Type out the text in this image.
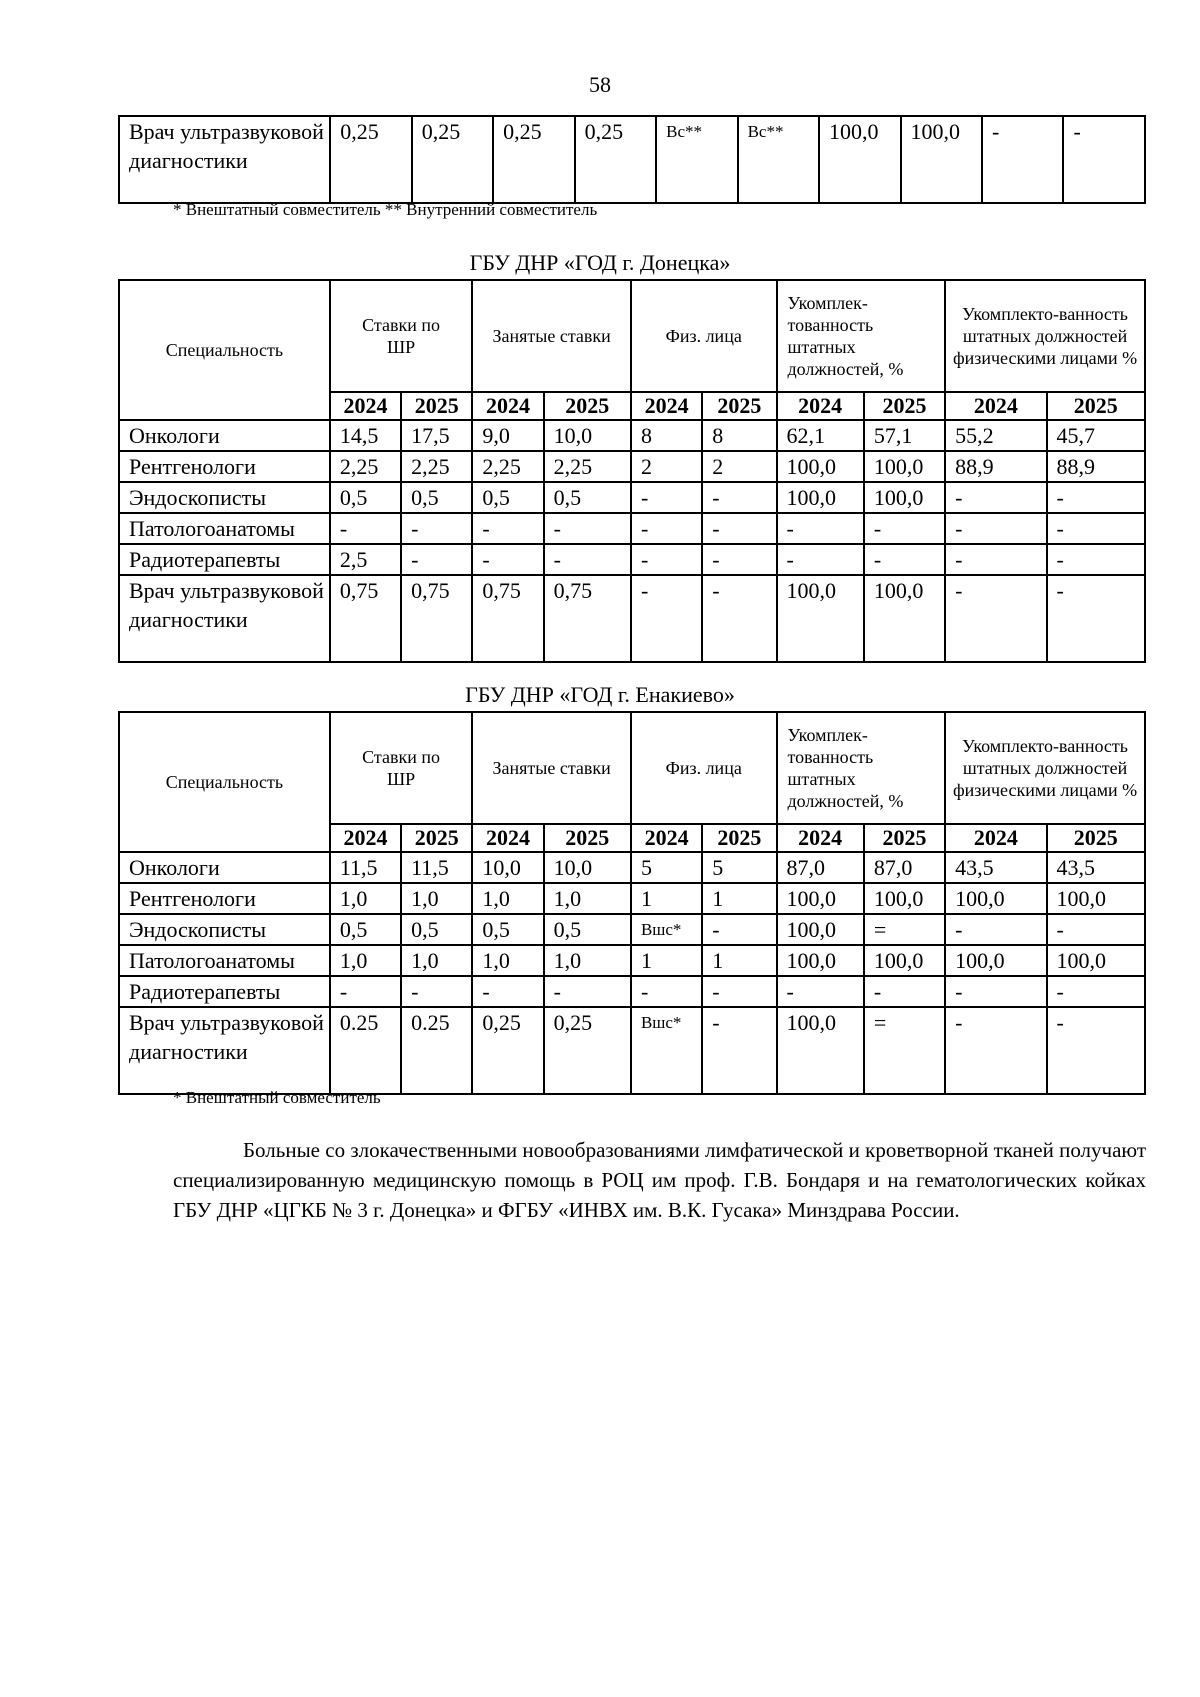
58
Врач ультразвуковой диагностики	0,25	0,25	0,25	0,25	Вс**	Вс**	100,0	100,0	-	-
* Внештатный совместитель ** Внутренний совместитель
ГБУ ДНР «ГОД г. Донецка»
Специальность	Ставки по ШР		Занятые ставки		Физ. лица		Укомплек-тованность штатных должностей, %		Укомплекто-ванность штатных должностей физическими лицами %	
	2024	2025	2024	2025	2024	2025	2024	2025	2024	2025
Онкологи	14,5	17,5	9,0	10,0	8	8	62,1	57,1	55,2	45,7
Рентгенологи	2,25	2,25	2,25	2,25	2	2	100,0	100,0	88,9	88,9
Эндоскописты	0,5	0,5	0,5	0,5	-	-	100,0	100,0	-	-
Патологоанатомы	-	-	-	-	-	-	-	-	-	-
Радиотерапевты	2,5	-	-	-	-	-	-	-	-	-
Врач ультразвуковой диагностики	0,75	0,75	0,75	0,75	-	-	100,0	100,0	-	-
ГБУ ДНР «ГОД г. Енакиево»
Специальность	Ставки по ШР		Занятые ставки		Физ. лица		Укомплек-тованность штатных должностей, %		Укомплекто-ванность штатных должностей физическими лицами %	
	2024	2025	2024	2025	2024	2025	2024	2025	2024	2025
Онкологи	11,5	11,5	10,0	10,0	5	5	87,0	87,0	43,5	43,5
Рентгенологи	1,0	1,0	1,0	1,0	1	1	100,0	100,0	100,0	100,0
Эндоскописты	0,5	0,5	0,5	0,5	Вшс*	-	100,0	=	-	-
Патологоанатомы	1,0	1,0	1,0	1,0	1	1	100,0	100,0	100,0	100,0
Радиотерапевты	-	-	-	-	-	-	-	-	-	-
Врач ультразвуковой диагностики	0.25	0.25	0,25	0,25	Вшс*	-	100,0	=	-	-
* Внештатный совместитель

Больные со злокачественными новообразованиями лимфатической и кроветворной тканей получают специализированную медицинскую помощь в РОЦ им проф. Г.В. Бондаря и на гематологических койках ГБУ ДНР «ЦГКБ № 3 г. Донецка» и ФГБУ «ИНВХ им. В.К. Гусака» Минздрава России.
